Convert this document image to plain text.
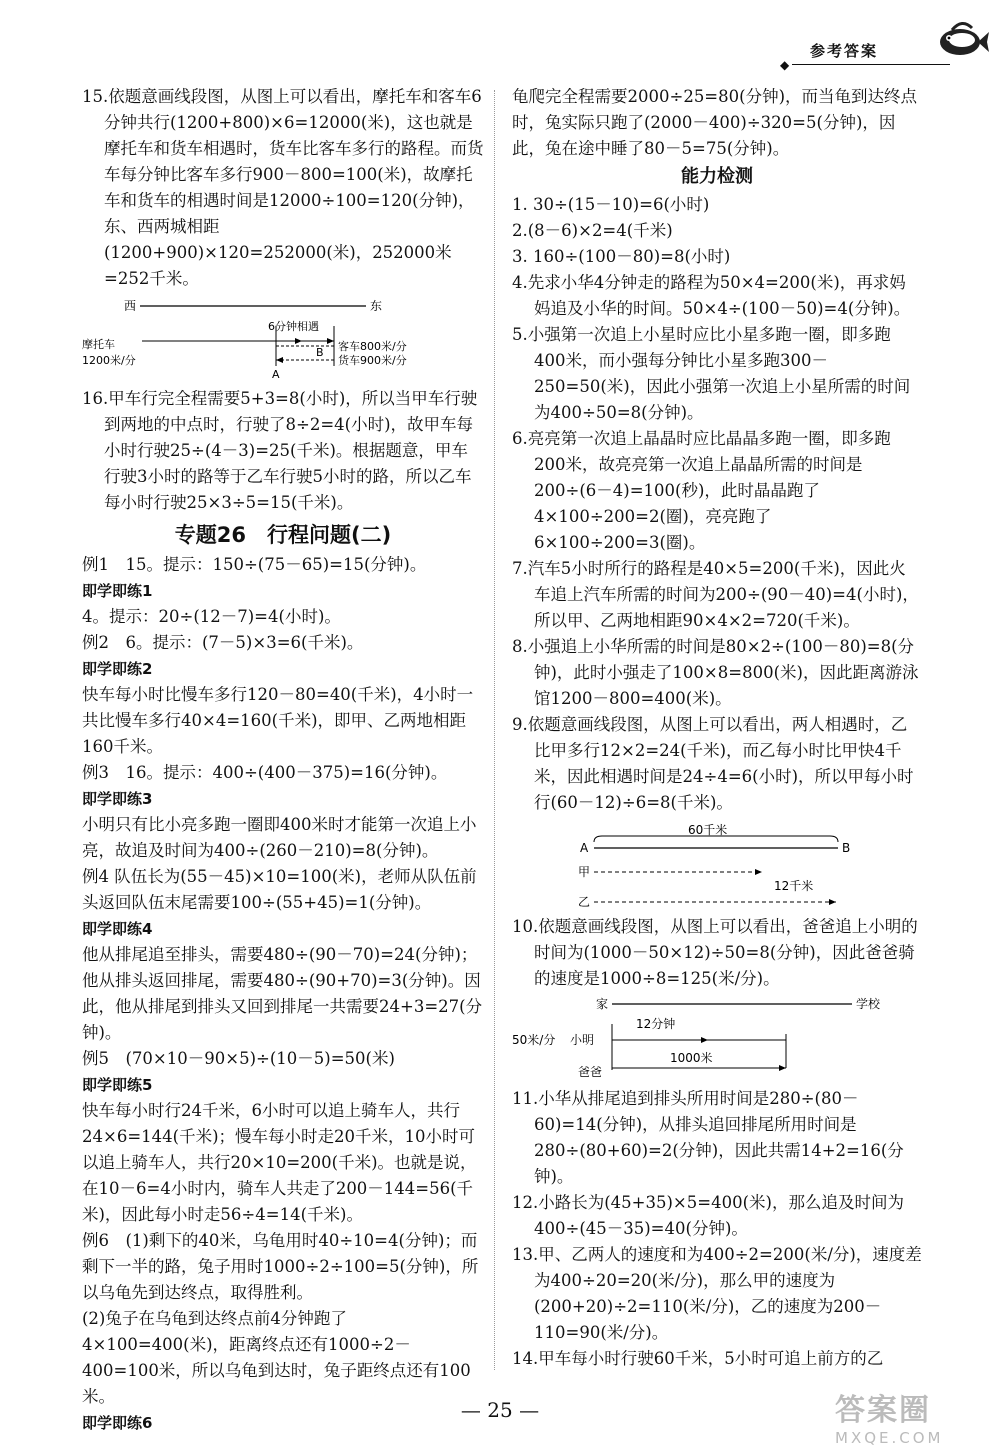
◆
参考答案

15.依题意画线段图，从图上可以看出，摩托车和客车6分钟共行(1200+800)×6=12000(米)，这也就是摩托车和货车相遇时，货车比客车多行的路程。而货车每分钟比客车多行900－800=100(米)，故摩托车和货车的相遇时间是12000÷100=120(分钟)，东、西两城相距(1200+900)×120=252000(米)，252000米=252千米。

西	东
6分钟相遇
客车800米/分
货车900米/分
摩托车
1200米/分
A
B

16.甲车行完全程需要5+3=8(小时)，所以当甲车行驶到两地的中点时，行驶了8÷2=4(小时)，故甲车每小时行驶25÷(4－3)=25(千米)。根据题意，甲车行驶3小时的路等于乙车行驶5小时的路，所以乙车每小时行驶25×3÷5=15(千米)。

专题26　行程问题(二)

例1　15。提示：150÷(75－65)=15(分钟)。

即学即练1

4。提示：20÷(12－7)=4(小时)。

例2　6。提示：(7－5)×3=6(千米)。

即学即练2

快车每小时比慢车多行120－80=40(千米)，4小时一共比慢车多行40×4=160(千米)，即甲、乙两地相距160千米。

例3　16。提示：400÷(400－375)=16(分钟)。

即学即练3

小明只有比小亮多跑一圈即400米时才能第一次追上小亮，故追及时间为400÷(260－210)=8(分钟)。

例4 队伍长为(55－45)×10=100(米)，老师从队伍前头返回队伍末尾需要100÷(55+45)=1(分钟)。

即学即练4

他从排尾追至排头，需要480÷(90－70)=24(分钟)；他从排头返回排尾，需要480÷(90+70)=3(分钟)。因此，他从排尾到排头又回到排尾一共需要24+3=27(分钟)。

例5　(70×10－90×5)÷(10－5)=50(米)

即学即练5

快车每小时行24千米，6小时可以追上骑车人，共行24×6=144(千米)；慢车每小时走20千米，10小时可以追上骑车人，共行20×10=200(千米)。也就是说，在10－6=4小时内，骑车人共走了200－144=56(千米)，因此每小时走56÷4=14(千米)。

例6　(1)剩下的40米，乌龟用时40÷10=4(分钟)；而剩下一半的路，兔子用时1000÷2÷100=5(分钟)，所以乌龟先到达终点，取得胜利。

(2)兔子在乌龟到达终点前4分钟跑了4×100=400(米)，距离终点还有1000÷2－400=100米，所以乌龟到达时，兔子距终点还有100米。

即学即练6

龟爬完全程需要2000÷25=80(分钟)，而当龟到达终点时，兔实际只跑了(2000－400)÷320=5(分钟)，因此，兔在途中睡了80－5=75(分钟)。

能力检测

1. 30÷(15－10)=6(小时)

2.(8－6)×2=4(千米)

3. 160÷(100－80)=8(小时)

4.先求小华4分钟走的路程为50×4=200(米)，再求妈妈追及小华的时间。50×4÷(100－50)=4(分钟)。

5.小强第一次追上小星时应比小星多跑一圈，即多跑400米，而小强每分钟比小星多跑300－250=50(米)，因此小强第一次追上小星所需的时间为400÷50=8(分钟)。

6.亮亮第一次追上晶晶时应比晶晶多跑一圈，即多跑200米，故亮亮第一次追上晶晶所需的时间是200÷(6－4)=100(秒)，此时晶晶跑了4×100÷200=2(圈)，亮亮跑了6×100÷200=3(圈)。

7.汽车5小时所行的路程是40×5=200(千米)，因此火车追上汽车所需的时间为200÷(90－40)=4(小时)，所以甲、乙两地相距90×4×2=720(千米)。

8.小强追上小华所需的时间是80×2÷(100－80)=8(分钟)，此时小强走了100×8=800(米)，因此距离游泳馆1200－800=400(米)。

9.依题意画线段图，从图上可以看出，两人相遇时，乙比甲多行12×2=24(千米)，而乙每小时比甲快4千米，因此相遇时间是24÷4=6(小时)，所以甲每小时行(60－12)÷6=8(千米)。

60千米
A	B
甲
12千米
乙

10.依题意画线段图，从图上可以看出，爸爸追上小明的时间为(1000－50×12)÷50=8(分钟)，因此爸爸骑的速度是1000÷8=125(米/分)。

家	学校
12分钟
50米/分 小明
1000米
爸爸

11.小华从排尾追到排头所用时间是280÷(80－60)=14(分钟)，从排头追回排尾所用时间是280÷(80+60)=2(分钟)，因此共需14+2=16(分钟)。

12.小路长为(45+35)×5=400(米)，那么追及时间为400÷(45－35)=40(分钟)。

13.甲、乙两人的速度和为400÷2=200(米/分)，速度差为400÷20=20(米/分)，那么甲的速度为(200+20)÷2=110(米/分)，乙的速度为200－110=90(米/分)。

14.甲车每小时行驶60千米，5小时可追上前方的乙

— 25 —	答案圈
MXQE.COM
